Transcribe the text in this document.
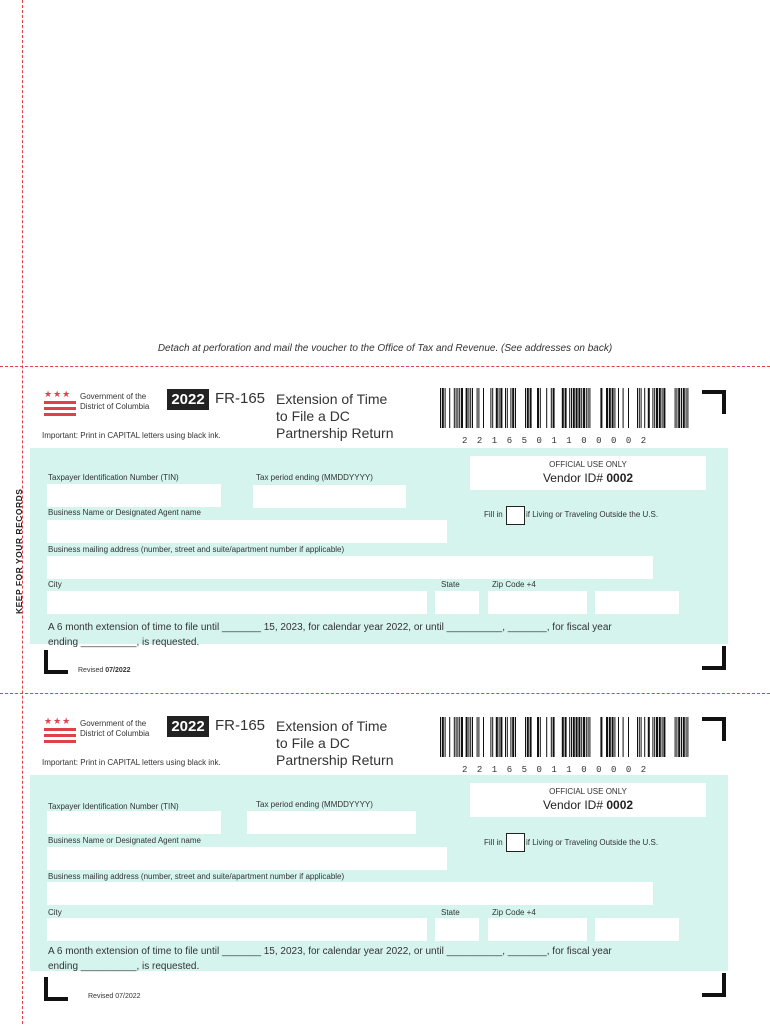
Detach at perforation and mail the voucher to the Office of Tax and Revenue. (See addresses on back)
★★★	Government of the
District of Columbia 2022 FR-165 Extension of Time
to File a DC
Partnership Return
Important: Print in CAPITAL letters using black ink.
2216501100002
Taxpayer Identification Number (TIN)	Tax period ending (MMDDYYYY)
OFFICIAL USE ONLY
Vendor ID# 0002
Business Name or Designated Agent name	Fill in	if Living or Traveling Outside the U.S.
Business mailing address (number, street and suite/apartment number if applicable)
City	State	Zip Code +4
A 6 month extension of time to file until _______ 15, 2023, for calendar year 2022, or until __________, _______, for fiscal year
ending __________, is requested.
KEEP FOR YOUR RECORDS
Revised 07/2022
★★★	Government of the
District of Columbia 2022 FR-165 Extension of Time
to File a DC
Partnership Return
Important: Print in CAPITAL letters using black ink.
2216501100002
Taxpayer Identification Number (TIN)	Tax period ending (MMDDYYYY)
OFFICIAL USE ONLY
Vendor ID# 0002
Business Name or Designated Agent name	Fill in	if Living or Traveling Outside the U.S.
Business mailing address (number, street and suite/apartment number if applicable)
City	State	Zip Code +4
A 6 month extension of time to file until _______ 15, 2023, for calendar year 2022, or until __________, _______, for fiscal year
ending __________, is requested.
Revised 07/2022
